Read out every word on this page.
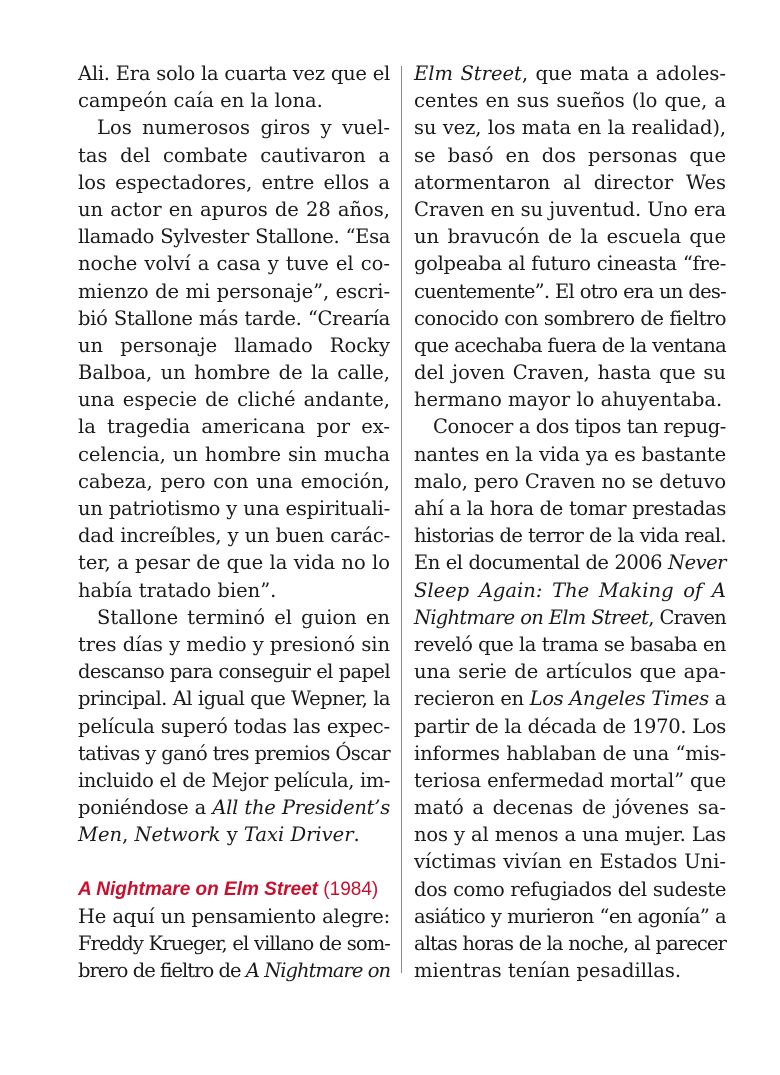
Ali. Era solo la cuarta vez que el
campeón caía en la lona.
Los numerosos giros y vuel-
tas del combate cautivaron a
los espectadores, entre ellos a
un actor en apuros de 28 años,
llamado Sylvester Stallone. “Esa
noche volví a casa y tuve el co-
mienzo de mi personaje”, escri-
bió Stallone más tarde. “Crearía
un personaje llamado Rocky
Balboa, un hombre de la calle,
una especie de cliché andante,
la tragedia americana por ex-
celencia, un hombre sin mucha
cabeza, pero con una emoción,
un patriotismo y una espirituali-
dad increíbles, y un buen carác-
ter, a pesar de que la vida no lo
había tratado bien”.
Stallone terminó el guion en
tres días y medio y presionó sin
descanso para conseguir el papel
principal. Al igual que Wepner, la
película superó todas las expec-
tativas y ganó tres premios Óscar
incluido el de Mejor película, im-
poniéndose a All the President’s
Men, Network y Taxi Driver.
A Nightmare on Elm Street (1984)
He aquí un pensamiento alegre:
Freddy Krueger, el villano de som-
brero de fieltro de A Nightmare on
Elm Street, que mata a adoles-
centes en sus sueños (lo que, a
su vez, los mata en la realidad),
se basó en dos personas que
atormentaron al director Wes
Craven en su juventud. Uno era
un bravucón de la escuela que
golpeaba al futuro cineasta “fre-
cuentemente”. El otro era un des-
conocido con sombrero de fieltro
que acechaba fuera de la ventana
del joven Craven, hasta que su
hermano mayor lo ahuyentaba.
Conocer a dos tipos tan repug-
nantes en la vida ya es bastante
malo, pero Craven no se detuvo
ahí a la hora de tomar prestadas
historias de terror de la vida real.
En el documental de 2006 Never
Sleep Again: The Making of A
Nightmare on Elm Street, Craven
reveló que la trama se basaba en
una serie de artículos que apa-
recieron en Los Angeles Times a
partir de la década de 1970. Los
informes hablaban de una “mis-
teriosa enfermedad mortal” que
mató a decenas de jóvenes sa-
nos y al menos a una mujer. Las
víctimas vivían en Estados Uni-
dos como refugiados del sudeste
asiático y murieron “en agonía” a
altas horas de la noche, al parecer
mientras tenían pesadillas.
